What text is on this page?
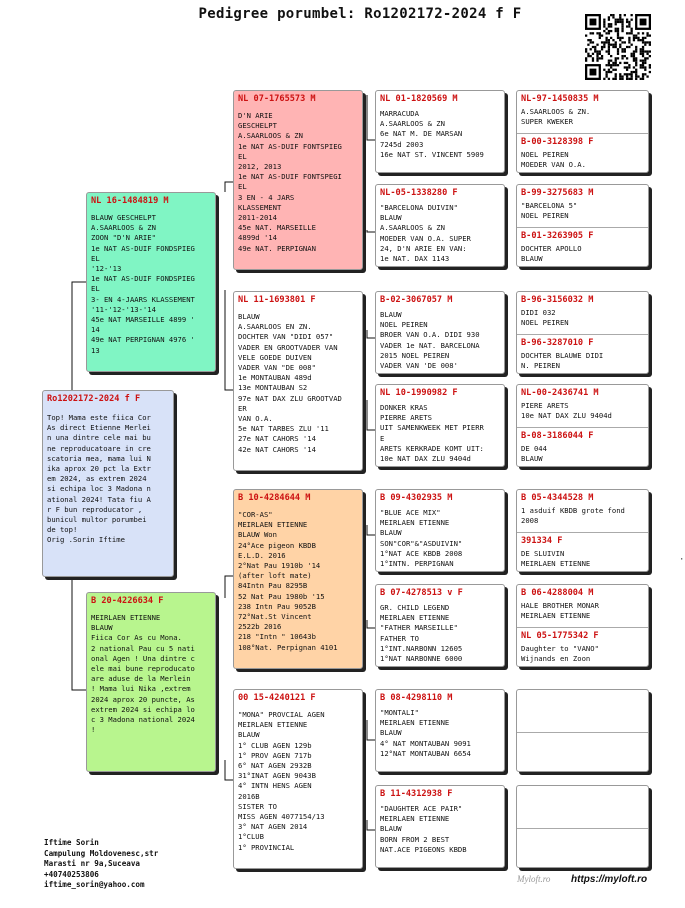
Pedigree porumbel: Ro1202172-2024 f F
Ro1202172-2024 f F
Top! Mama este fiica Cor
As direct Etienne Merlei
n una dintre cele mai bu
ne reproducatoare in cre
scatoria mea, mama lui N
ika aprox 20 pct la Extr
em 2024, as extrem 2024
si echipa loc 3 Madona n
ational 2024! Tata fiu A
r F bun reproducator ,
bunicul multor porumbei
de top!
Orig .Sorin Iftime
NL 16-1484819 M
BLAUW GESCHELPT
A.SAARLOOS & ZN
ZOON "D'N ARIE"
1e NAT AS-DUIF FONDSPIEG
EL
'12-'13
1e NAT AS-DUIF FONDSPIEG
EL
3- EN 4-JAARS KLASSEMENT
'11-'12-'13-'14
45e NAT MARSEILLE 4899 '
14
49e NAT PERPIGNAN 4976 '
13
B 20-4226634 F
MEIRLAEN ETIENNE
BLAUW
Fiica Cor As cu Mona.
2 national Pau cu 5 nati
onal Agen ! Una dintre c
ele mai bune reproducato
are aduse de la Merlein
! Mama lui Nika ,extrem
2024 aprox 20 puncte, As
extrem 2024 si echipa lo
c 3 Madona national 2024
!
NL 07-1765573 M
D'N ARIE
GESCHELPT
A.SAARLOOS & ZN
1e NAT AS-DUIF FONTSPIEG
EL
2012, 2013
1e NAT AS-DUIF FONTSPEGI
EL
3 EN - 4 JARS
KLASSEMENT
2011-2014
45e NAT. MARSEILLE
4899d '14
49e NAT. PERPIGNAN
NL 11-1693801 F
BLAUW
A.SAARLOOS EN ZN.
DOCHTER VAN "DIDI 057"
VADER EN GROOTVADER VAN
VELE GOEDE DUIVEN
VADER VAN "DE 008"
1e MONTAUBAN 489d
13e MONTAUBAN S2
97e NAT DAX ZLU GROOTVAD
ER
VAN O.A.
5e NAT TARBES ZLU '11
27e NAT CAHORS '14
42e NAT CAHORS '14
B 10-4284644 M
"COR-AS"
MEIRLAEN ETIENNE
BLAUW Won
24°Ace pigeon KBDB
E.L.D. 2016
2°Nat Pau 1910b '14
(after loft mate)
84Intn Pau 8295B
52 Nat Pau 1980b '15
238 Intn Pau 9052B
72°Nat.St Vincent
2522b 2016
218 "Intn " 10643b
108°Nat. Perpignan 4101
00 15-4240121 F
"MONA" PROVCIAL AGEN
MEIRLAEN ETIENNE
BLAUW
1° CLUB AGEN 129b
1° PROV AGEN 717b
6° NAT AGEN 2932B
31°INAT AGEN 9043B
4° INTN HENS AGEN
2016B
SISTER TO
MISS AGEN 4077154/13
3° NAT AGEN 2014
1°CLUB
1° PROVINCIAL
NL 01-1820569 M
MARRACUDA
A.SAARLOOS & ZN
6e NAT M. DE MARSAN
7245d 2003
16e NAT ST. VINCENT 5909
NL-05-1338280 F
"BARCELONA DUIVIN"
BLAUW
A.SAARLOOS & ZN
MOEDER VAN O.A. SUPER
24, D'N ARIE EN VAN:
1e NAT. DAX 1143
B-02-3067057 M
BLAUW
NOEL PEIREN
BROER VAN O.A. DIDI 930
VADER 1e NAT. BARCELONA
2015 NOEL PEIREN
VADER VAN 'DE 008'
NL 10-1990982 F
DONKER KRAS
PIERRE ARETS
UIT SAMENKWEEK MET PIERR
E
ARETS KERKRADE KOMT UIT:
10e NAT DAX ZLU 9404d
B 09-4302935 M
"BLUE ACE MIX"
MEIRLAEN ETIENNE
BLAUW
SON"COR"&"ASDUIVIN"
1°NAT ACE KBDB 2008
1°INTN. PERPIGNAN
B 07-4278513 v F
GR. CHILD LEGEND
MEIRLAEN ETIENNE
"FATHER MARSEILLE"
FATHER TO
1°INT.NARBONN 12605
1°NAT NARBONNE 6000
B 08-4298110 M
"MONTALI"
MEIRLAEN ETIENNE
BLAUW
4° NAT MONTAUBAN 9091
12°NAT MONTAUBAN 6654
B 11-4312938 F
"DAUGHTER ACE PAIR"
MEIRLAEN ETIENNE
BLAUW
BORN FROM 2 BEST
NAT.ACE PIGEONS KBDB
NL-97-1450835 M
A.SAARLOOS & ZN.
SUPER KWEKER
B-00-3128398 F
NOEL PEIREN
MOEDER VAN O.A.
B-99-3275683 M
"BARCELONA 5"
NOEL PEIREN
B-01-3263905 F
DOCHTER APOLLO
BLAUW
B-96-3156032 M
DIDI 032
NOEL PEIREN
B-96-3287010 F
DOCHTER BLAUWE DIDI
N. PEIREN
NL-00-2436741 M
PIERE ARETS
10e NAT DAX ZLU 9404d
B-08-3186044 F
DE 044
BLAUW
B 05-4344528 M
1 asduif KBDB grote fond
2008
391334 F
DE SLUIVIN
MEIRLAEN ETIENNE
B 06-4288004 M
HALE BROTHER MONAR
MEIRLAEN ETIENNE
NL 05-1775342 F
Daughter to "VANO"
Wijnands en Zoon
Iftime Sorin
Campulung Moldovenesc,str
Marasti nr 9a,Suceava
+40740253806
iftime_sorin@yahoo.com
Myloft.ro https://myloft.ro
·
